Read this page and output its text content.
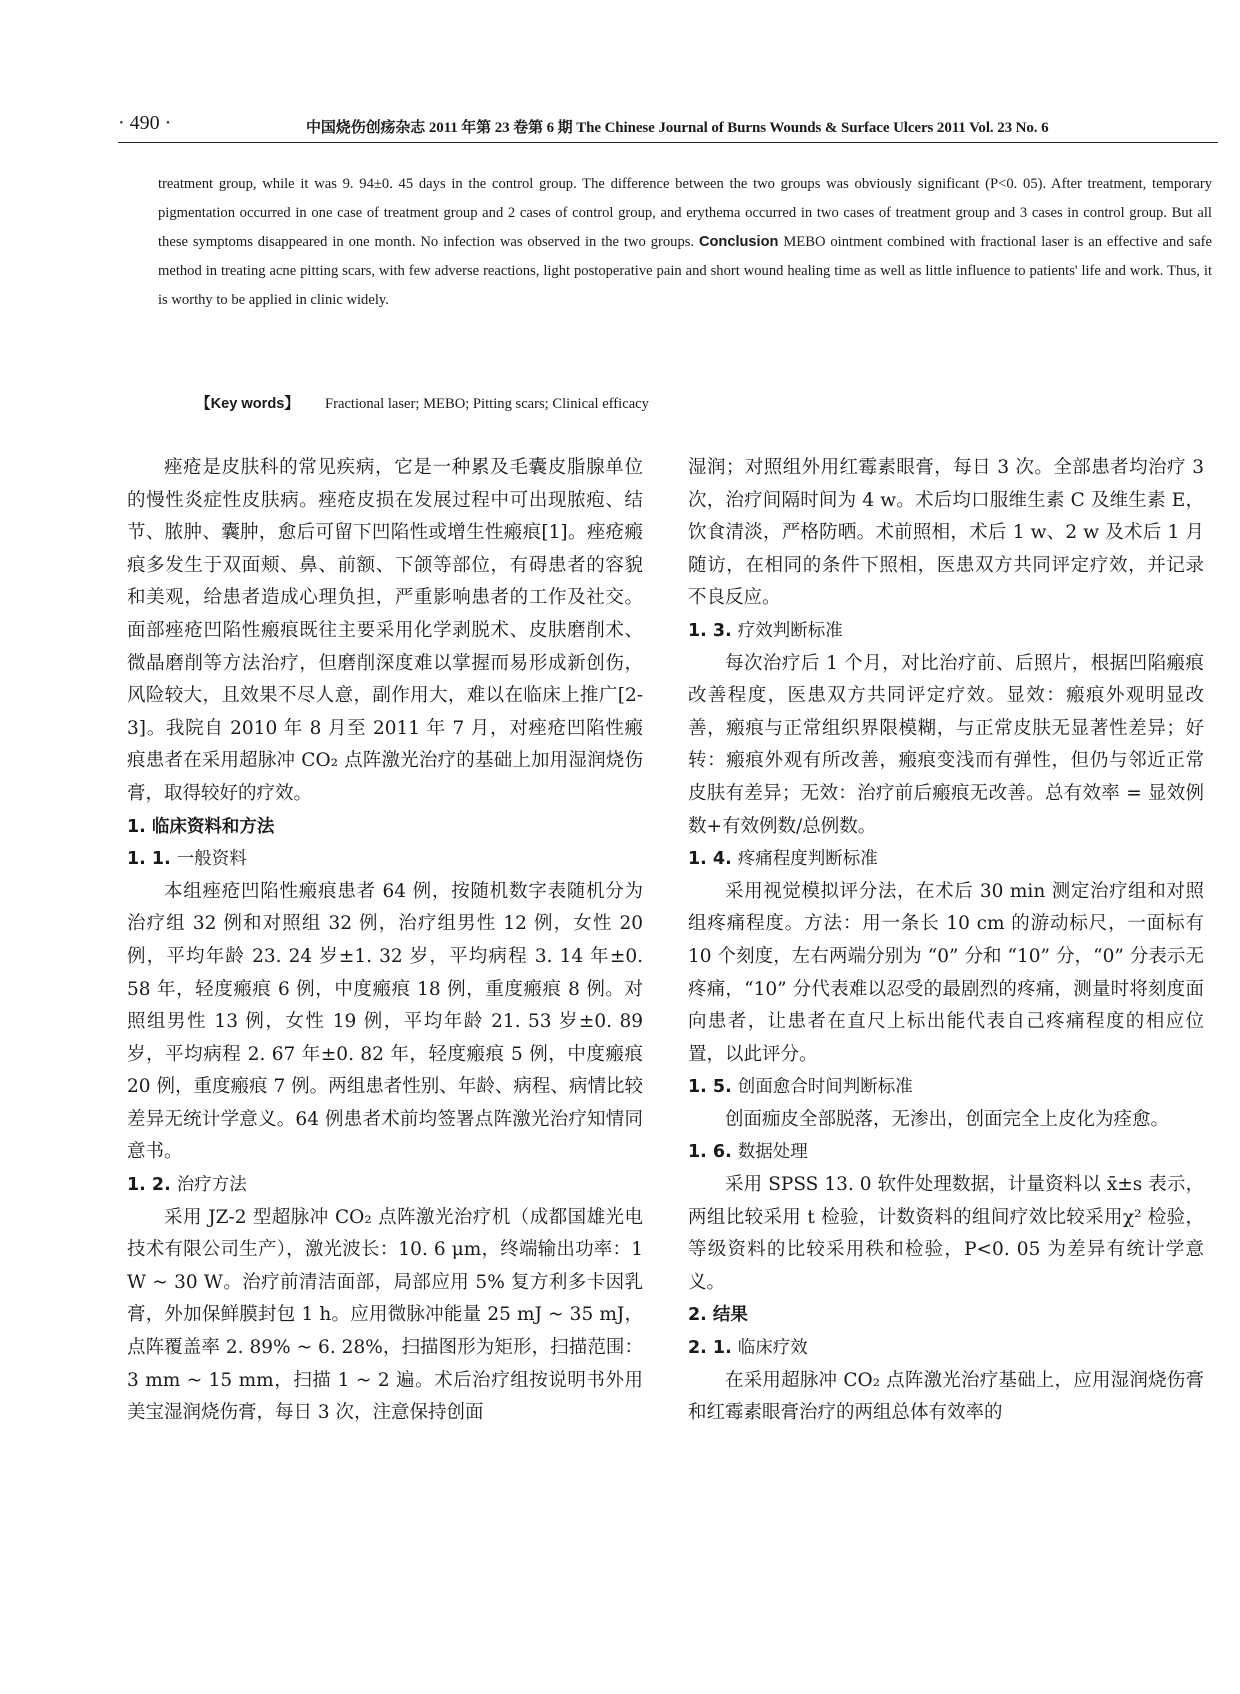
· 490 ·	中国烧伤创疡杂志 2011 年第 23 卷第 6 期 The Chinese Journal of Burns Wounds & Surface Ulcers 2011 Vol. 23 No. 6

treatment group, while it was 9. 94±0. 45 days in the control group. The difference between the two groups was obviously significant (P<0. 05). After treatment, temporary pigmentation occurred in one case of treatment group and 2 cases of control group, and erythema occurred in two cases of treatment group and 3 cases in control group. But all these symptoms disappeared in one month. No infection was observed in the two groups. Conclusion MEBO ointment combined with fractional laser is an effective and safe method in treating acne pitting scars, with few adverse reactions, light postoperative pain and short wound healing time as well as little influence to patients' life and work. Thus, it is worthy to be applied in clinic widely.

【Key words】 Fractional laser; MEBO; Pitting scars; Clinical efficacy

痤疮是皮肤科的常见疾病，它是一种累及毛囊皮脂腺单位的慢性炎症性皮肤病。痤疮皮损在发展过程中可出现脓疱、结节、脓肿、囊肿，愈后可留下凹陷性或增生性瘢痕[1]。痤疮瘢痕多发生于双面颊、鼻、前额、下颌等部位，有碍患者的容貌和美观，给患者造成心理负担，严重影响患者的工作及社交。面部痤疮凹陷性瘢痕既往主要采用化学剥脱术、皮肤磨削术、微晶磨削等方法治疗，但磨削深度难以掌握而易形成新创伤，风险较大，且效果不尽人意，副作用大，难以在临床上推广[2-3]。我院自 2010 年 8 月至 2011 年 7 月，对痤疮凹陷性瘢痕患者在采用超脉冲 CO₂ 点阵激光治疗的基础上加用湿润烧伤膏，取得较好的疗效。

1. 临床资料和方法

1. 1. 一般资料

本组痤疮凹陷性瘢痕患者 64 例，按随机数字表随机分为治疗组 32 例和对照组 32 例，治疗组男性 12 例，女性 20 例，平均年龄 23. 24 岁±1. 32 岁，平均病程 3. 14 年±0. 58 年，轻度瘢痕 6 例，中度瘢痕 18 例，重度瘢痕 8 例。对照组男性 13 例，女性 19 例，平均年龄 21. 53 岁±0. 89 岁，平均病程 2. 67 年±0. 82 年，轻度瘢痕 5 例，中度瘢痕 20 例，重度瘢痕 7 例。两组患者性别、年龄、病程、病情比较差异无统计学意义。64 例患者术前均签署点阵激光治疗知情同意书。

1. 2. 治疗方法

采用 JZ-2 型超脉冲 CO₂ 点阵激光治疗机（成都国雄光电技术有限公司生产），激光波长：10. 6 μm，终端输出功率：1 W ~ 30 W。治疗前清洁面部，局部应用 5% 复方利多卡因乳膏，外加保鲜膜封包 1 h。应用微脉冲能量 25 mJ ~ 35 mJ，点阵覆盖率 2. 89% ~ 6. 28%，扫描图形为矩形，扫描范围：3 mm ~ 15 mm，扫描 1 ~ 2 遍。术后治疗组按说明书外用美宝湿润烧伤膏，每日 3 次，注意保持创面

湿润；对照组外用红霉素眼膏，每日 3 次。全部患者均治疗 3 次，治疗间隔时间为 4 w。术后均口服维生素 C 及维生素 E，饮食清淡，严格防晒。术前照相，术后 1 w、2 w 及术后 1 月随访，在相同的条件下照相，医患双方共同评定疗效，并记录不良反应。

1. 3. 疗效判断标准

每次治疗后 1 个月，对比治疗前、后照片，根据凹陷瘢痕改善程度，医患双方共同评定疗效。显效：瘢痕外观明显改善，瘢痕与正常组织界限模糊，与正常皮肤无显著性差异；好转：瘢痕外观有所改善，瘢痕变浅而有弹性，但仍与邻近正常皮肤有差异；无效：治疗前后瘢痕无改善。总有效率 = 显效例数+有效例数/总例数。

1. 4. 疼痛程度判断标准

采用视觉模拟评分法，在术后 30 min 测定治疗组和对照组疼痛程度。方法：用一条长 10 cm 的游动标尺，一面标有 10 个刻度，左右两端分别为 “0” 分和 “10” 分，“0” 分表示无疼痛，“10” 分代表难以忍受的最剧烈的疼痛，测量时将刻度面向患者，让患者在直尺上标出能代表自己疼痛程度的相应位置，以此评分。

1. 5. 创面愈合时间判断标准

创面痂皮全部脱落，无渗出，创面完全上皮化为痊愈。

1. 6. 数据处理

采用 SPSS 13. 0 软件处理数据，计量资料以 x̄±s 表示，两组比较采用 t 检验，计数资料的组间疗效比较采用χ² 检验，等级资料的比较采用秩和检验，P<0. 05 为差异有统计学意义。

2. 结果

2. 1. 临床疗效

在采用超脉冲 CO₂ 点阵激光治疗基础上，应用湿润烧伤膏和红霉素眼膏治疗的两组总体有效率的
